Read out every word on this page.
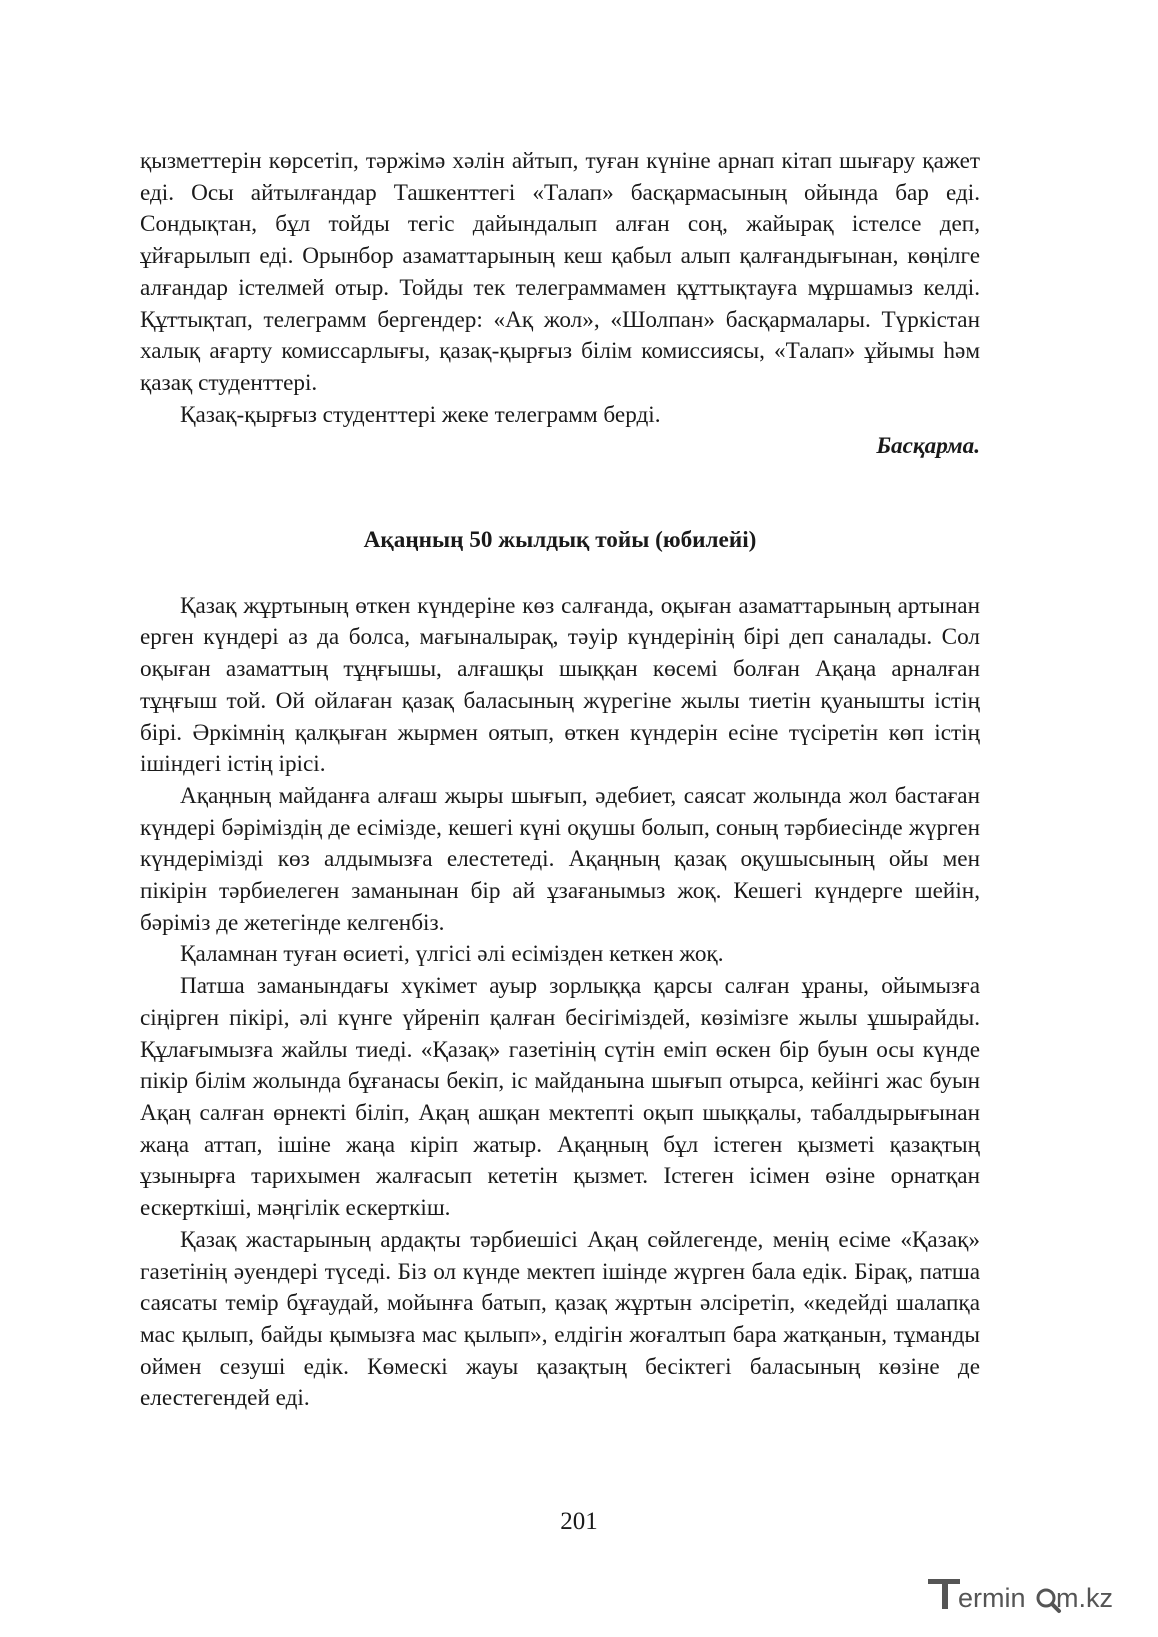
қызметтерін көрсетіп, тәржімә хәлін айтып, туған күніне арнап кітап шығару қажет еді. Осы айтылғандар Ташкенттегі «Талап» басқармасының ойында бар еді. Сондықтан, бұл тойды тегіс дайындалып алған соң, жайырақ істелсе деп, ұйғарылып еді. Орынбор азаматтарының кеш қабыл алып қалғандығынан, көңілге алғандар істелмей отыр. Тойды тек телеграммамен құттықтауға мұршамыз келді. Құттықтап, телеграмм бергендер: «Ақ жол», «Шолпан» басқармалары. Түркістан халық ағарту комиссарлығы, қазақ-қырғыз білім комиссиясы, «Талап» ұйымы һәм қазақ студенттері.

Қазақ-қырғыз студенттері жеке телеграмм берді.

Басқарма.

Ақаңның 50 жылдық тойы (юбилейі)

Қазақ жұртының өткен күндеріне көз салғанда, оқыған азаматтарының артынан ерген күндері аз да болса, мағыналырақ, тәуір күндерінің бірі деп саналады. Сол оқыған азаматтың тұңғышы, алғашқы шыққан көсемі болған Ақаңа арналған тұңғыш той. Ой ойлаған қазақ баласының жүрегіне жылы тиетін қуанышты істің бірі. Әркімнің қалқыған жырмен оятып, өткен күндерін есіне түсіретін көп істің ішіндегі істің ірісі.

Ақаңның майданға алғаш жыры шығып, әдебиет, саясат жолында жол бастаған күндері бәріміздің де есімізде, кешегі күні оқушы болып, соның тәрбиесінде жүрген күндерімізді көз алдымызға елестетеді. Ақаңның қазақ оқушысының ойы мен пікірін тәрбиелеген заманынан бір ай ұзағанымыз жоқ. Кешегі күндерге шейін, бәріміз де жетегінде келгенбіз.

Қаламнан туған өсиеті, үлгісі әлі есімізден кеткен жоқ.

Патша заманындағы хүкімет ауыр зорлыққа қарсы салған ұраны, ойымызға сіңірген пікірі, әлі күнге үйреніп қалған бесігіміздей, көзімізге жылы ұшырайды. Құлағымызға жайлы тиеді. «Қазақ» газетінің сүтін еміп өскен бір буын осы күнде пікір білім жолында бұғанасы бекіп, іс майданына шығып отырса, кейінгі жас буын Ақаң салған өрнекті біліп, Ақаң ашқан мектепті оқып шыққалы, табалдырығынан жаңа аттап, ішіне жаңа кіріп жатыр. Ақаңның бұл істеген қызметі қазақтың ұзынырға тарихымен жалғасып кететін қызмет. Істеген ісімен өзіне орнатқан ескерткіші, мәңгілік ескерткіш.

Қазақ жастарының ардақты тәрбиешісі Ақаң сөйлегенде, менің есіме «Қазақ» газетінің әуендері түседі. Біз ол күнде мектеп ішінде жүрген бала едік. Бірақ, патша саясаты темір бұғаудай, мойынға батып, қазақ жұртын әлсіретіп, «кедейді шалапқа мас қылып, байды қымызға мас қылып», елдігін жоғалтып бара жатқанын, тұманды оймен сезуші едік. Көмескі жауы қазақтың бесіктегі баласының көзіне де елестегендей еді.

201
ermin m.kz
